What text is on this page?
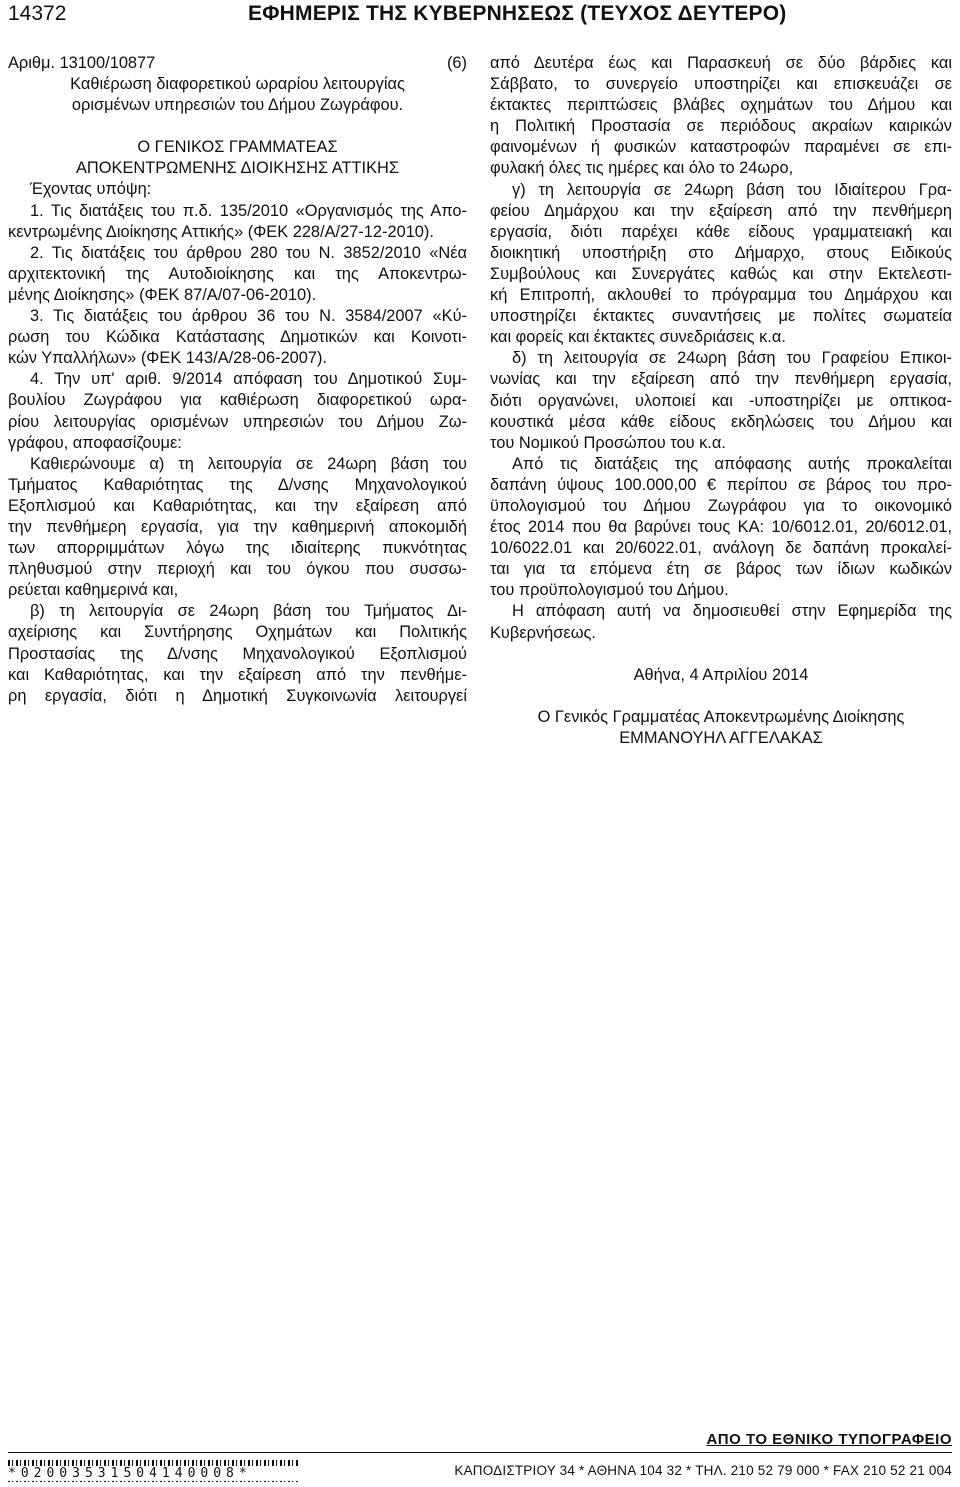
14372	ΕΦΗΜΕΡΙΣ ΤΗΣ ΚΥΒΕΡΝΗΣΕΩΣ (ΤΕΥΧΟΣ ΔΕΥΤΕΡΟ)

Αριθμ. 13100/10877	(6)

Καθιέρωση διαφορετικού ωραρίου λειτουργίας

ορισμένων υπηρεσιών του Δήμου Ζωγράφου.

Ο ΓΕΝΙΚΟΣ ΓΡΑΜΜΑΤΕΑΣ

ΑΠΟΚΕΝΤΡΩΜΕΝΗΣ ΔΙΟΙΚΗΣΗΣ ΑΤΤΙΚΗΣ

Έχοντας υπόψη:

1. Τις διατάξεις του π.δ. 135/2010 «Οργανισμός της Απο-

κεντρωμένης Διοίκησης Αττικής» (ΦΕΚ 228/Α/27-12-2010).

2. Τις διατάξεις του άρθρου 280 του Ν. 3852/2010 «Νέα

αρχιτεκτονική της Αυτοδιοίκησης και της Αποκεντρω-

μένης Διοίκησης» (ΦΕΚ 87/Α/07-06-2010).

3. Τις διατάξεις του άρθρου 36 του Ν. 3584/2007 «Κύ-

ρωση του Κώδικα Κατάστασης Δημοτικών και Κοινοτι-

κών Υπαλλήλων» (ΦΕΚ 143/Α/28-06-2007).

4. Την υπ' αριθ. 9/2014 απόφαση του Δημοτικού Συμ-

βουλίου Ζωγράφου για καθιέρωση διαφορετικού ωρα-

ρίου λειτουργίας ορισμένων υπηρεσιών του Δήμου Ζω-

γράφου, αποφασίζουμε:

Καθιερώνουμε α) τη λειτουργία σε 24ωρη βάση του

Τμήματος Καθαριότητας της Δ/νσης Μηχανολογικού

Εξοπλισμού και Καθαριότητας, και την εξαίρεση από

την πενθήμερη εργασία, για την καθημερινή αποκομιδή

των απορριμμάτων λόγω της ιδιαίτερης πυκνότητας

πληθυσμού στην περιοχή και του όγκου που συσσω-

ρεύεται καθημερινά και,

β) τη λειτουργία σε 24ωρη βάση του Τμήματος Δι-

αχείρισης και Συντήρησης Οχημάτων και Πολιτικής

Προστασίας της Δ/νσης Μηχανολογικού Εξοπλισμού

και Καθαριότητας, και την εξαίρεση από την πενθήμε-

ρη εργασία, διότι η Δημοτική Συγκοινωνία λειτουργεί

από Δευτέρα έως και Παρασκευή σε δύο βάρδιες και

Σάββατο, το συνεργείο υποστηρίζει και επισκευάζει σε

έκτακτες περιπτώσεις βλάβες οχημάτων του Δήμου και

η Πολιτική Προστασία σε περιόδους ακραίων καιρικών

φαινομένων ή φυσικών καταστροφών παραμένει σε επι-

φυλακή όλες τις ημέρες και όλο το 24ωρο,

γ) τη λειτουργία σε 24ωρη βάση του Ιδιαίτερου Γρα-

φείου Δημάρχου και την εξαίρεση από την πενθήμερη

εργασία, διότι παρέχει κάθε είδους γραμματειακή και

διοικητική υποστήριξη στο Δήμαρχο, στους Ειδικούς

Συμβούλους και Συνεργάτες καθώς και στην Εκτελεστι-

κή Επιτροπή, ακλουθεί το πρόγραμμα του Δημάρχου και

υποστηρίζει έκτακτες συναντήσεις με πολίτες σωματεία

και φορείς και έκτακτες συνεδριάσεις κ.α.

δ) τη λειτουργία σε 24ωρη βάση του Γραφείου Επικοι-

νωνίας και την εξαίρεση από την πενθήμερη εργασία,

διότι οργανώνει, υλοποιεί και -υποστηρίζει με οπτικοα-

κουστικά μέσα κάθε είδους εκδηλώσεις του Δήμου και

του Νομικού Προσώπου του κ.α.

Από τις διατάξεις της απόφασης αυτής προκαλείται

δαπάνη ύψους 100.000,00 € περίπου σε βάρος του προ-

ϋπολογισμού του Δήμου Ζωγράφου για το οικονομικό

έτος 2014 που θα βαρύνει τους ΚΑ: 10/6012.01, 20/6012.01,

10/6022.01 και 20/6022.01, ανάλογη δε δαπάνη προκαλεί-

ται για τα επόμενα έτη σε βάρος των ίδιων κωδικών

του προϋπολογισμού του Δήμου.

Η απόφαση αυτή να δημοσιευθεί στην Εφημερίδα της

Κυβερνήσεως.

Αθήνα, 4 Απριλίου 2014

Ο Γενικός Γραμματέας Αποκεντρωμένης Διοίκησης

ΕΜΜΑΝΟΥΗΛ ΑΓΓΕΛΑΚΑΣ

ΑΠΟ ΤΟ ΕΘΝΙΚΟ ΤΥΠΟΓΡΑΦΕΙΟ
*02003531504140008*	ΚΑΠΟΔΙΣΤΡΙΟΥ 34 * ΑΘΗΝΑ 104 32 * ΤΗΛ. 210 52 79 000 * FAX 210 52 21 004
